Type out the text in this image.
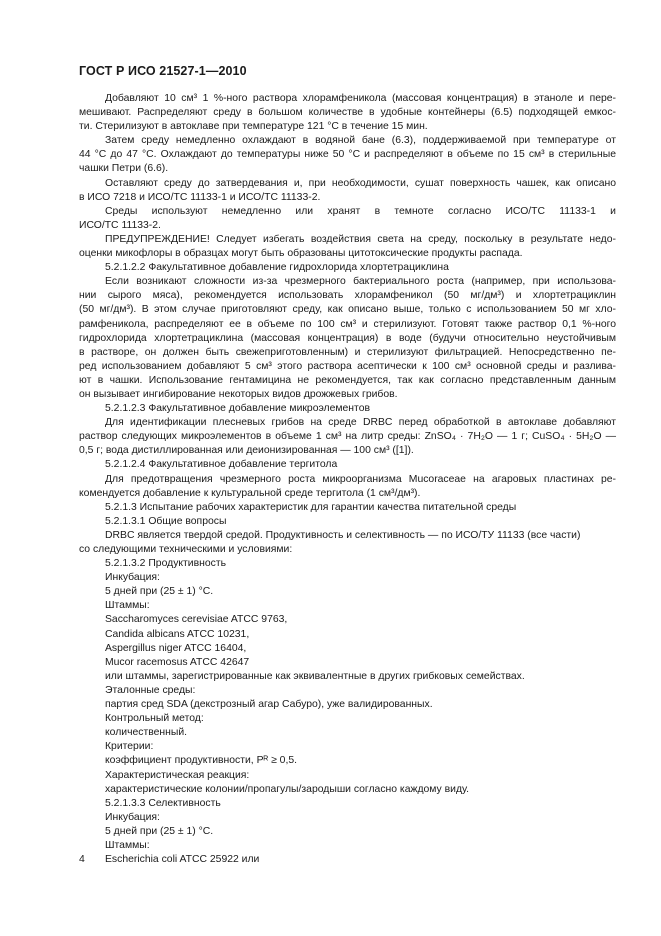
ГОСТ Р ИСО 21527-1—2010

Добавляют 10 см³ 1 %-ного раствора хлорамфеникола (массовая концентрация) в этаноле и пере-

мешивают. Распределяют среду в большом количестве в удобные контейнеры (6.5) подходящей емкос-

ти. Стерилизуют в автоклаве при температуре 121 °С в течение 15 мин.

Затем среду немедленно охлаждают в водяной бане (6.3), поддерживаемой при температуре от

44 °С до 47 °С. Охлаждают до температуры ниже 50 °С и распределяют в объеме по 15 см³ в стерильные

чашки Петри (6.6).

Оставляют среду до затвердевания и, при необходимости, сушат поверхность чашек, как описано

в ИСО 7218 и ИСО/ТС 11133-1 и ИСО/ТС 11133-2.

Среды используют немедленно или хранят в темноте согласно ИСО/ТС 11133-1 и

ИСО/ТС 11133-2.

ПРЕДУПРЕЖДЕНИЕ! Следует избегать воздействия света на среду, поскольку в результате недо-

оценки микофлоры в образцах могут быть образованы цитотоксические продукты распада.

5.2.1.2.2 Факультативное добавление гидрохлорида хлортетрациклина

Если возникают сложности из-за чрезмерного бактериального роста (например, при использова-

нии сырого мяса), рекомендуется использовать хлорамфеникол (50 мг/дм³) и хлортетрациклин

(50 мг/дм³). В этом случае приготовляют среду, как описано выше, только с использованием 50 мг хло-

рамфеникола, распределяют ее в объеме по 100 см³ и стерилизуют. Готовят также раствор 0,1 %-ного

гидрохлорида хлортетрациклина (массовая концентрация) в воде (будучи относительно неустойчивым

в растворе, он должен быть свежеприготовленным) и стерилизуют фильтрацией. Непосредственно пе-

ред использованием добавляют 5 см³ этого раствора асептически к 100 см³ основной среды и разлива-

ют в чашки. Использование гентамицина не рекомендуется, так как согласно представленным данным

он вызывает ингибирование некоторых видов дрожжевых грибов.

5.2.1.2.3 Факультативное добавление микроэлементов

Для идентификации плесневых грибов на среде DRBC перед обработкой в автоклаве добавляют

раствор следующих микроэлементов в объеме 1 см³ на литр среды: ZnSO₄ · 7H₂O — 1 г; CuSO₄ · 5H₂O —

0,5 г; вода дистиллированная или деионизированная — 100 см³ ([1]).

5.2.1.2.4 Факультативное добавление тергитола

Для предотвращения чрезмерного роста микроорганизма Mucoraceae на агаровых пластинах ре-

комендуется добавление к культуральной среде тергитола (1 см³/дм³).

5.2.1.3 Испытание рабочих характеристик для гарантии качества питательной среды

5.2.1.3.1 Общие вопросы

DRBC является твердой средой. Продуктивность и селективность — по ИСО/ТУ 11133 (все части)

со следующими техническими и условиями:

5.2.1.3.2 Продуктивность

Инкубация:

5 дней при (25 ± 1) °С.

Штаммы:

Saccharomyces cerevisiae ATCC 9763,

Candida albicans ATCC 10231,

Aspergillus niger ATCC 16404,

Mucor racemosus ATCC 42647

или штаммы, зарегистрированные как эквивалентные в других грибковых семействах.

Эталонные среды:

партия сред SDA (декстрозный агар Сабуро), уже валидированных.

Контрольный метод:

количественный.

Критерии:

коэффициент продуктивности, Pᴿ ≥ 0,5.

Характеристическая реакция:

характеристические колонии/пропагулы/зародыши согласно каждому виду.

5.2.1.3.3 Селективность

Инкубация:

5 дней при (25 ± 1) °С.

Штаммы:

Escherichia coli ATCC 25922 или

4
